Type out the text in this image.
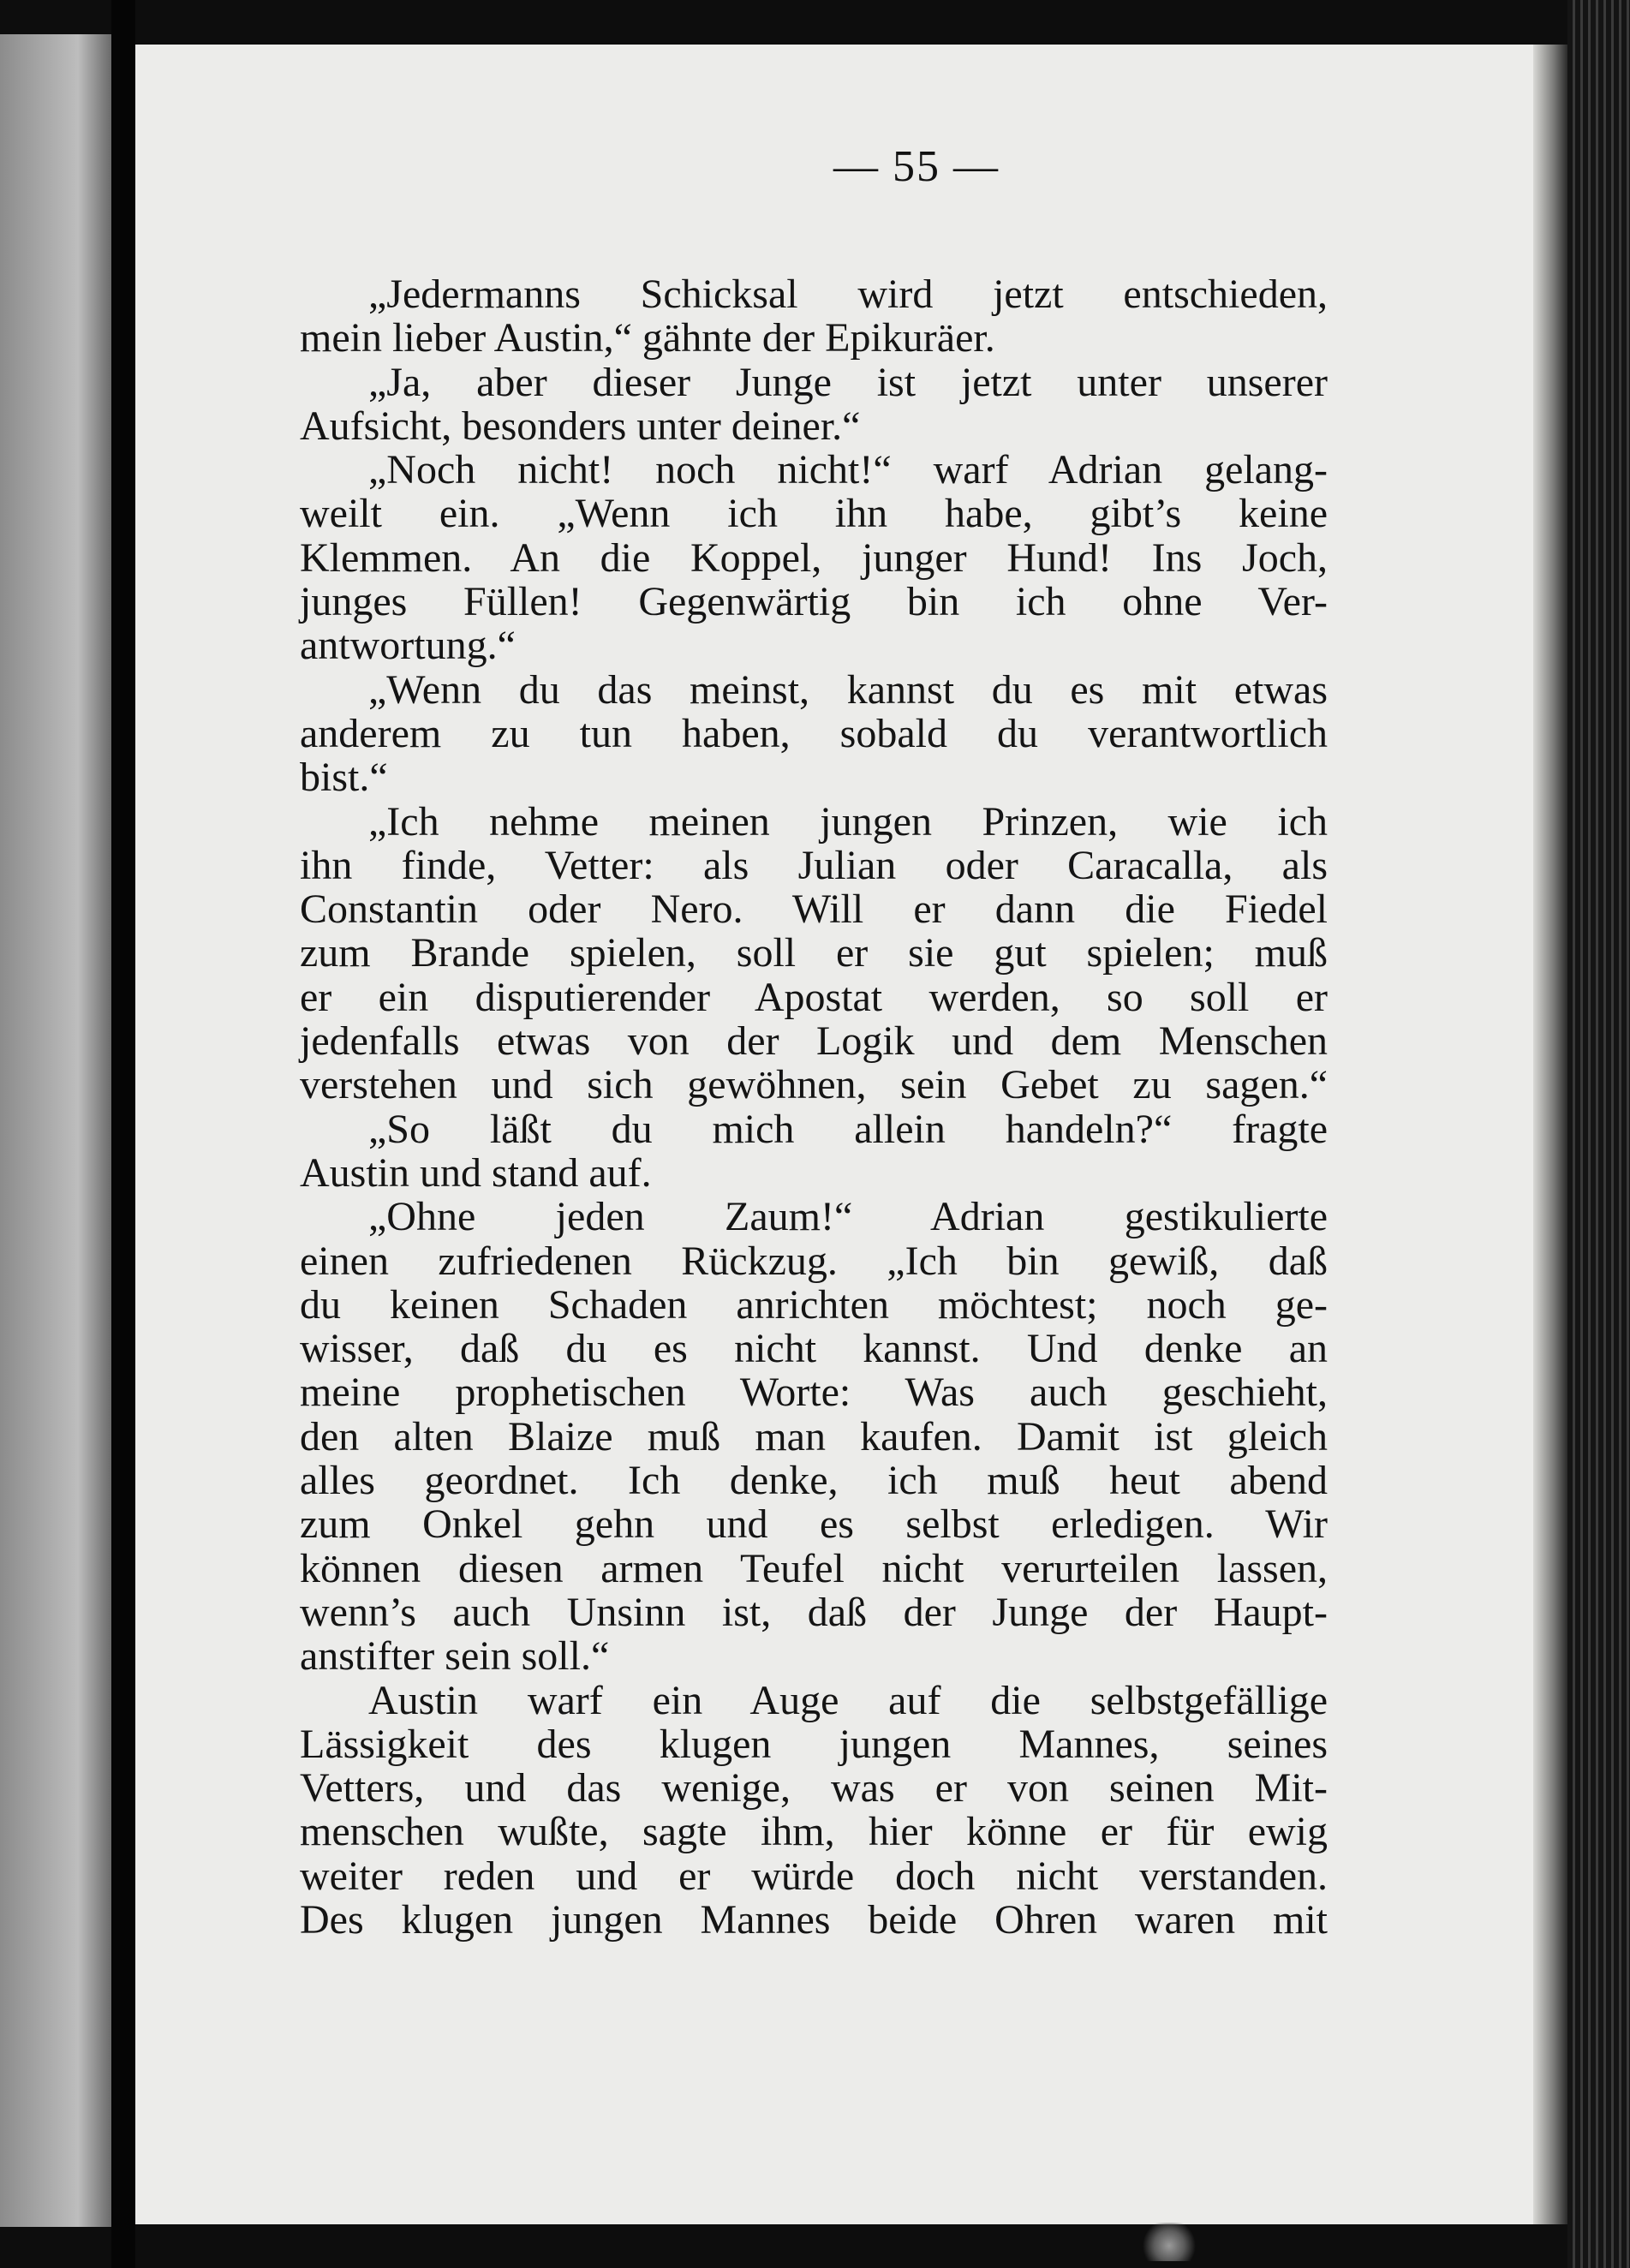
— 55 —
„Jedermanns Schicksal wird jetzt entschieden,
mein lieber Austin,“ gähnte der Epikuräer.
„Ja, aber dieser Junge ist jetzt unter unserer
Aufsicht, besonders unter deiner.“
„Noch nicht! noch nicht!“ warf Adrian gelang-
weilt ein. „Wenn ich ihn habe, gibt’s keine
Klemmen. An die Koppel, junger Hund! Ins Joch,
junges Füllen! Gegenwärtig bin ich ohne Ver-
antwortung.“
„Wenn du das meinst, kannst du es mit etwas
anderem zu tun haben, sobald du verantwortlich
bist.“
„Ich nehme meinen jungen Prinzen, wie ich
ihn finde, Vetter: als Julian oder Caracalla, als
Constantin oder Nero. Will er dann die Fiedel
zum Brande spielen, soll er sie gut spielen; muß
er ein disputierender Apostat werden, so soll er
jedenfalls etwas von der Logik und dem Menschen
verstehen und sich gewöhnen, sein Gebet zu sagen.“
„So läßt du mich allein handeln?“ fragte
Austin und stand auf.
„Ohne jeden Zaum!“ Adrian gestikulierte
einen zufriedenen Rückzug. „Ich bin gewiß, daß
du keinen Schaden anrichten möchtest; noch ge-
wisser, daß du es nicht kannst. Und denke an
meine prophetischen Worte: Was auch geschieht,
den alten Blaize muß man kaufen. Damit ist gleich
alles geordnet. Ich denke, ich muß heut abend
zum Onkel gehn und es selbst erledigen. Wir
können diesen armen Teufel nicht verurteilen lassen,
wenn’s auch Unsinn ist, daß der Junge der Haupt-
anstifter sein soll.“
Austin warf ein Auge auf die selbstgefällige
Lässigkeit des klugen jungen Mannes, seines
Vetters, und das wenige, was er von seinen Mit-
menschen wußte, sagte ihm, hier könne er für ewig
weiter reden und er würde doch nicht verstanden.
Des klugen jungen Mannes beide Ohren waren mit
